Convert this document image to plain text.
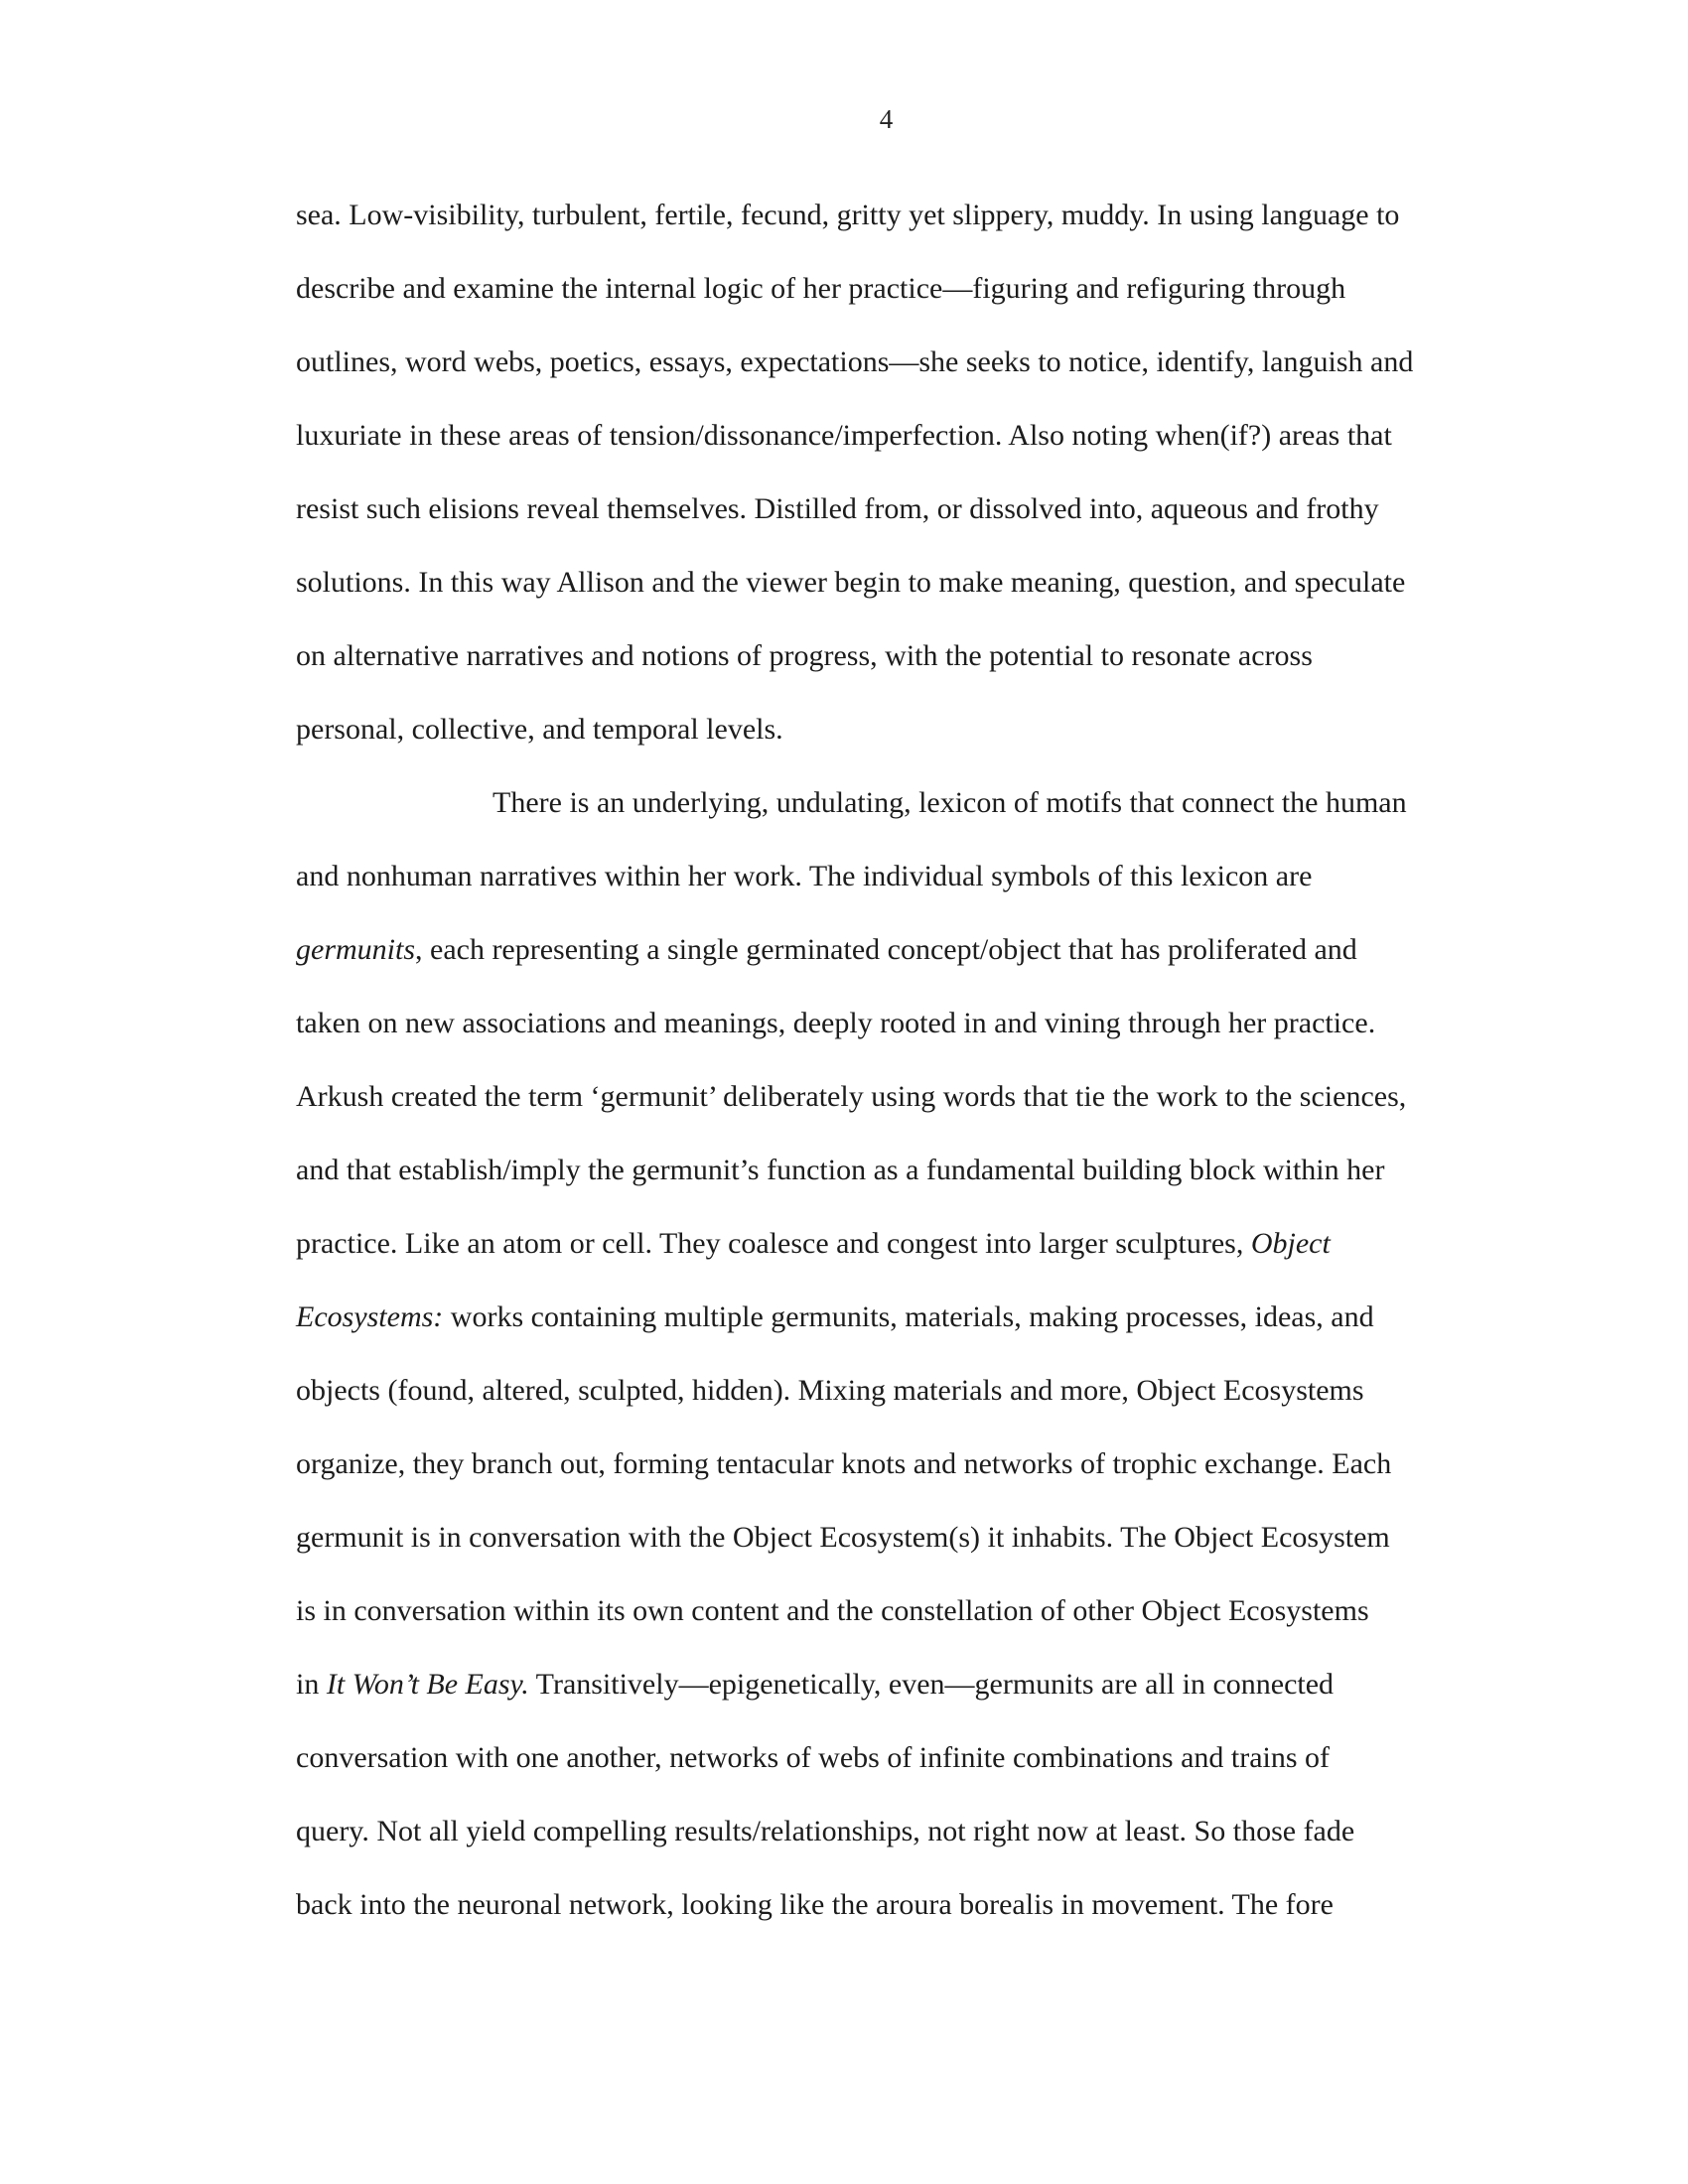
4
sea. Low-visibility, turbulent, fertile, fecund, gritty yet slippery, muddy. In using language to
describe and examine the internal logic of her practice—figuring and refiguring through
outlines, word webs, poetics, essays, expectations—she seeks to notice, identify, languish and
luxuriate in these areas of tension/dissonance/imperfection. Also noting when(if?) areas that
resist such elisions reveal themselves. Distilled from, or dissolved into, aqueous and frothy
solutions. In this way Allison and the viewer begin to make meaning, question, and speculate
on alternative narratives and notions of progress, with the potential to resonate across
personal, collective, and temporal levels.
There is an underlying, undulating, lexicon of motifs that connect the human
and nonhuman narratives within her work. The individual symbols of this lexicon are
germunits, each representing a single germinated concept/object that has proliferated and
taken on new associations and meanings, deeply rooted in and vining through her practice.
Arkush created the term ‘germunit’ deliberately using words that tie the work to the sciences,
and that establish/imply the germunit’s function as a fundamental building block within her
practice. Like an atom or cell. They coalesce and congest into larger sculptures, Object
Ecosystems: works containing multiple germunits, materials, making processes, ideas, and
objects (found, altered, sculpted, hidden). Mixing materials and more, Object Ecosystems
organize, they branch out, forming tentacular knots and networks of trophic exchange. Each
germunit is in conversation with the Object Ecosystem(s) it inhabits. The Object Ecosystem
is in conversation within its own content and the constellation of other Object Ecosystems
in It Won’t Be Easy. Transitively—epigenetically, even—germunits are all in connected
conversation with one another, networks of webs of infinite combinations and trains of
query. Not all yield compelling results/relationships, not right now at least. So those fade
back into the neuronal network, looking like the aroura borealis in movement. The fore
